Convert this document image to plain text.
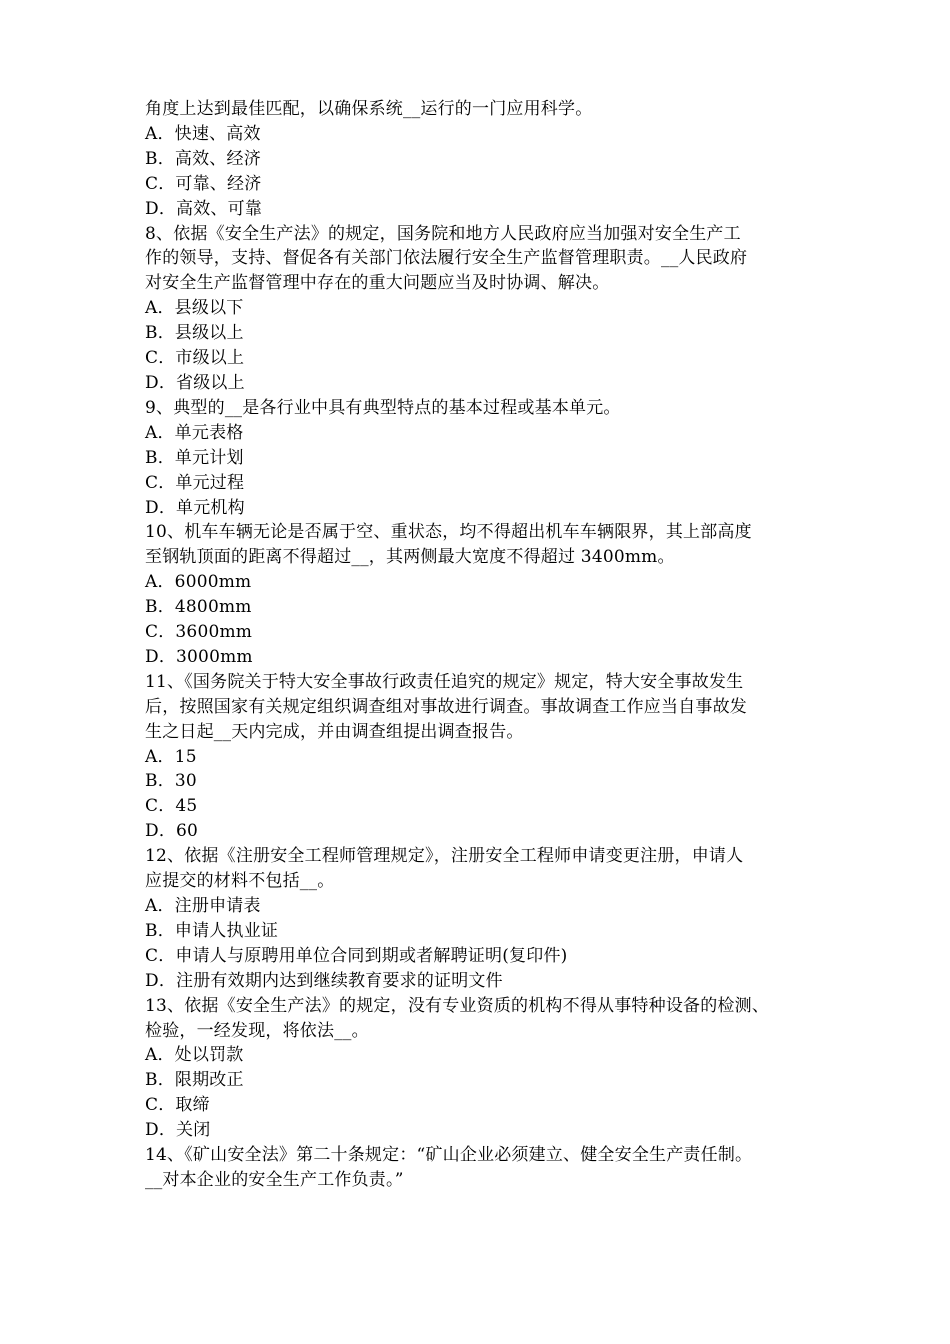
角度上达到最佳匹配，以确保系统__运行的一门应用科学。
A．快速、高效
B．高效、经济
C．可靠、经济
D．高效、可靠
8、依据《安全生产法》的规定，国务院和地方人民政府应当加强对安全生产工
作的领导，支持、督促各有关部门依法履行安全生产监督管理职责。__人民政府
对安全生产监督管理中存在的重大问题应当及时协调、解决。
A．县级以下
B．县级以上
C．市级以上
D．省级以上
9、典型的__是各行业中具有典型特点的基本过程或基本单元。
A．单元表格
B．单元计划
C．单元过程
D．单元机构
10、机车车辆无论是否属于空、重状态，均不得超出机车车辆限界，其上部高度
至钢轨顶面的距离不得超过__，其两侧最大宽度不得超过 3400mm。
A．6000mm
B．4800mm
C．3600mm
D．3000mm
11、《国务院关于特大安全事故行政责任追究的规定》规定，特大安全事故发生
后，按照国家有关规定组织调查组对事故进行调查。事故调查工作应当自事故发
生之日起__天内完成，并由调查组提出调查报告。
A．15
B．30
C．45
D．60
12、依据《注册安全工程师管理规定》，注册安全工程师申请变更注册，申请人
应提交的材料不包括__。
A．注册申请表
B．申请人执业证
C．申请人与原聘用单位合同到期或者解聘证明(复印件)
D．注册有效期内达到继续教育要求的证明文件
13、依据《安全生产法》的规定，没有专业资质的机构不得从事特种设备的检测、
检验，一经发现，将依法__。
A．处以罚款
B．限期改正
C．取缔
D．关闭
14、《矿山安全法》第二十条规定：“矿山企业必须建立、健全安全生产责任制。
__对本企业的安全生产工作负责。”
